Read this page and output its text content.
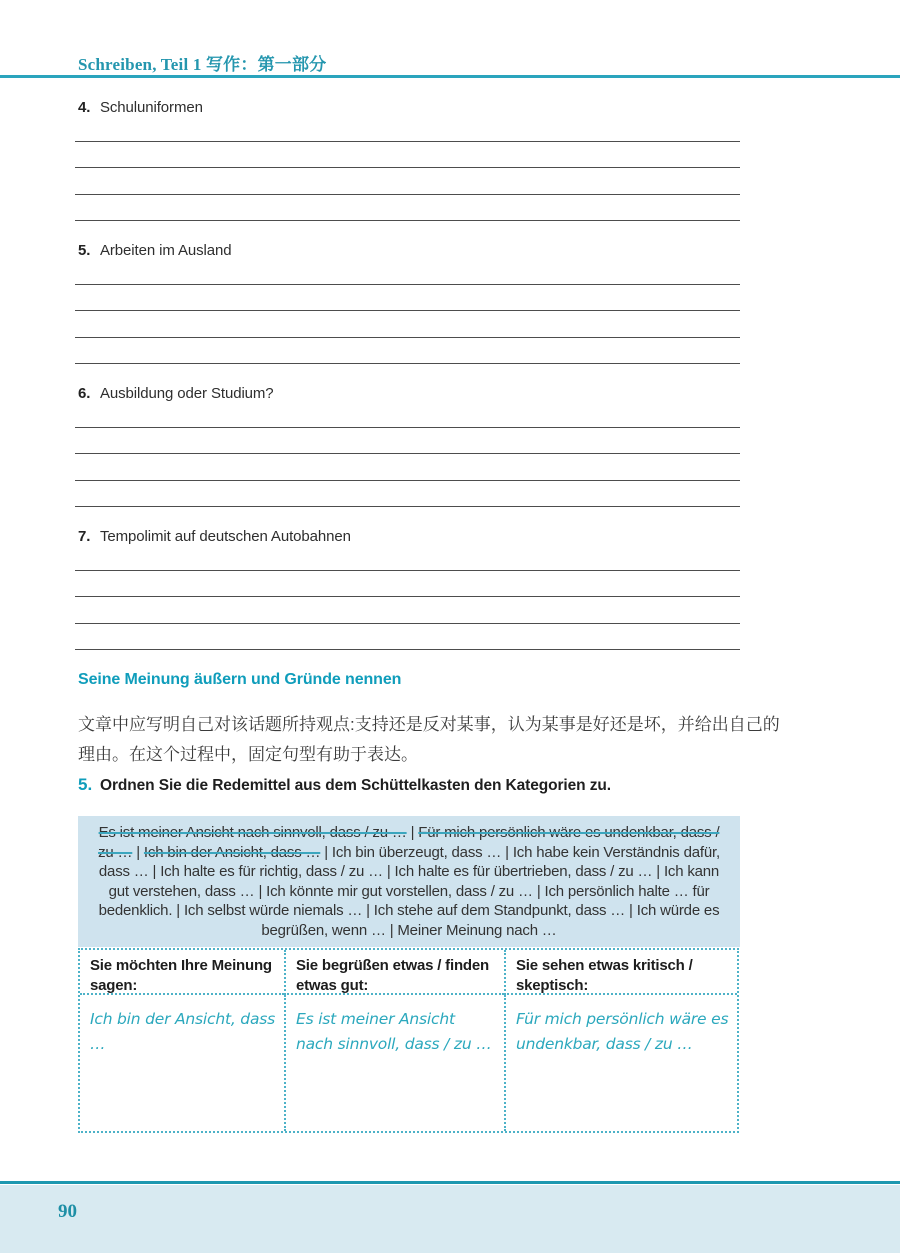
Schreiben, Teil 1 写作：第一部分
4. Schuluniformen
5. Arbeiten im Ausland
6. Ausbildung oder Studium?
7. Tempolimit auf deutschen Autobahnen
Seine Meinung äußern und Gründe nennen
文章中应写明自己对该话题所持观点:支持还是反对某事，认为某事是好还是坏，并给出自己的
理由。在这个过程中，固定句型有助于表达。
5. Ordnen Sie die Redemittel aus dem Schüttelkasten den Kategorien zu.
Es ist meiner Ansicht nach sinnvoll, dass / zu … | Für mich persönlich wäre es undenkbar, dass / zu … | Ich bin der Ansicht, dass … | Ich bin überzeugt, dass … | Ich habe kein Verständnis dafür, dass … | Ich halte es für richtig, dass / zu … | Ich halte es für übertrieben, dass / zu … | Ich kann gut verstehen, dass … | Ich könnte mir gut vorstellen, dass / zu … | Ich persönlich halte … für bedenklich. | Ich selbst würde niemals … | Ich stehe auf dem Standpunkt, dass … | Ich würde es begrüßen, wenn … | Meiner Meinung nach …
Sie möchten Ihre Meinung sagen:
Sie begrüßen etwas / finden etwas gut:
Sie sehen etwas kritisch / skeptisch:
Ich bin der Ansicht, dass …
Es ist meiner Ansicht nach sinnvoll, dass / zu …
Für mich persönlich wäre es undenkbar, dass / zu …
90
